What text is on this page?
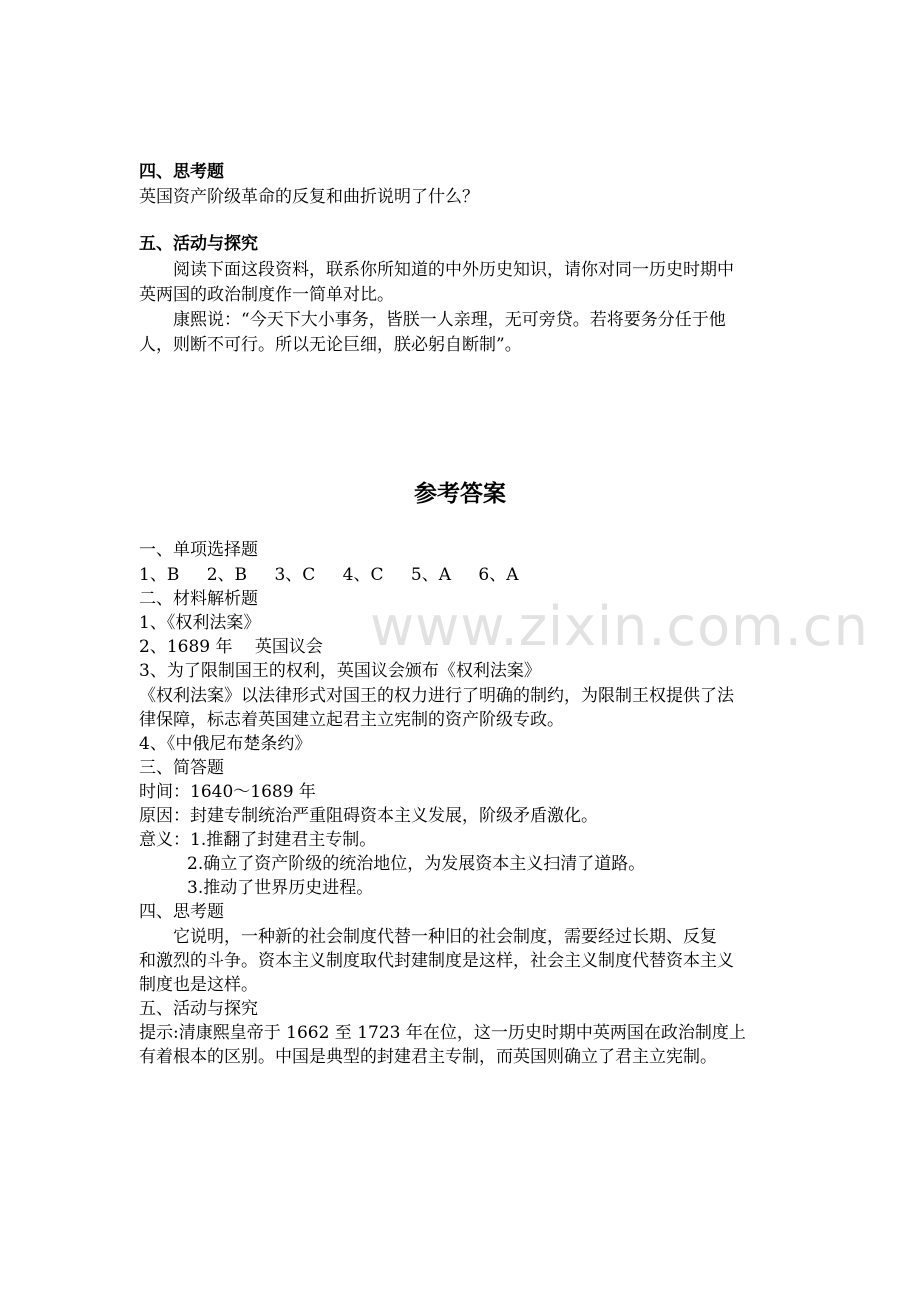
四、思考题
英国资产阶级革命的反复和曲折说明了什么？
五、活动与探究
阅读下面这段资料，联系你所知道的中外历史知识，请你对同一历史时期中
英两国的政治制度作一简单对比。
康熙说：“今天下大小事务，皆朕一人亲理，无可旁贷。若将要务分任于他
人，则断不可行。所以无论巨细，朕必躬自断制”。
参考答案
一、单项选择题
1、B 2、B 3、C 4、C 5、A 6、A
二、材料解析题
1、《权利法案》
2、1689 年　 英国议会
3、为了限制国王的权利，英国议会颁布《权利法案》
《权利法案》以法律形式对国王的权力进行了明确的制约，为限制王权提供了法
律保障，标志着英国建立起君主立宪制的资产阶级专政。
4、《中俄尼布楚条约》
三、简答题
时间：1640～1689 年
原因：封建专制统治严重阻碍资本主义发展，阶级矛盾激化。
意义：1.推翻了封建君主专制。
2.确立了资产阶级的统治地位，为发展资本主义扫清了道路。
3.推动了世界历史进程。
四、思考题
它说明，一种新的社会制度代替一种旧的社会制度，需要经过长期、反复
和激烈的斗争。资本主义制度取代封建制度是这样，社会主义制度代替资本主义
制度也是这样。
五、活动与探究
提示:清康熙皇帝于 1662 至 1723 年在位，这一历史时期中英两国在政治制度上
有着根本的区别。中国是典型的封建君主专制，而英国则确立了君主立宪制。
www.zixin.com.cn
